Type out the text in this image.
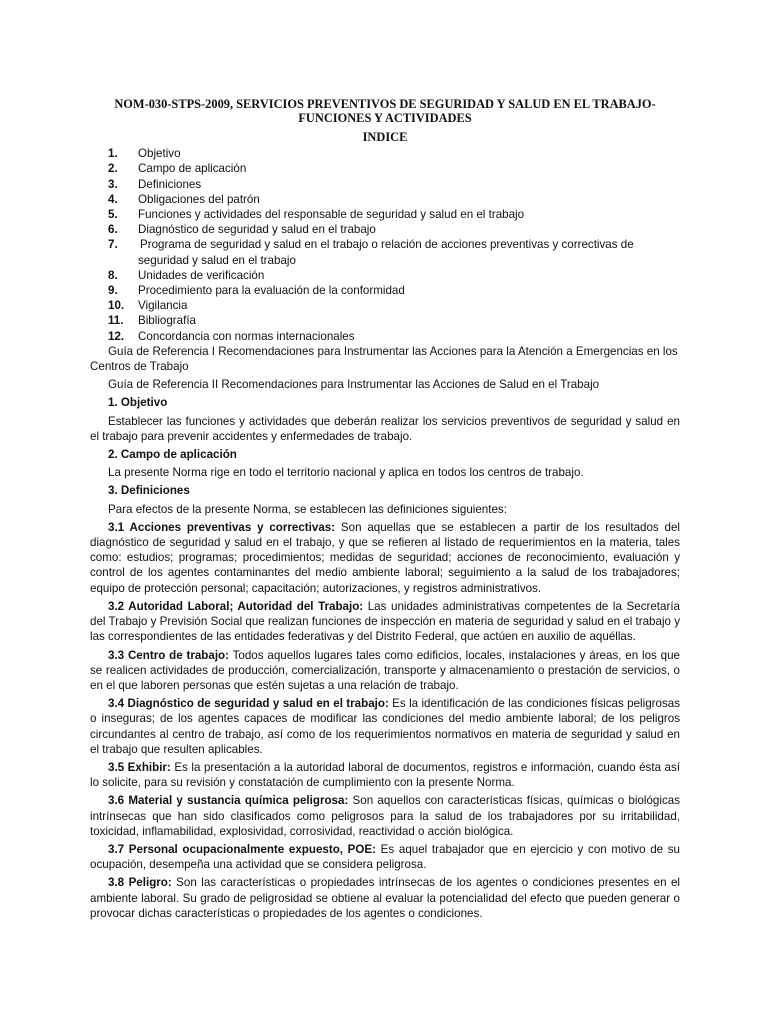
NOM-030-STPS-2009, SERVICIOS PREVENTIVOS DE SEGURIDAD Y SALUD EN EL TRABAJO-FUNCIONES Y ACTIVIDADES
INDICE
1.	Objetivo
2.	Campo de aplicación
3.	Definiciones
4.	Obligaciones del patrón
5.	Funciones y actividades del responsable de seguridad y salud en el trabajo
6.	Diagnóstico de seguridad y salud en el trabajo
7.	Programa de seguridad y salud en el trabajo o relación de acciones preventivas y correctivas de seguridad y salud en el trabajo
8.	Unidades de verificación
9.	Procedimiento para la evaluación de la conformidad
10.	Vigilancia
11.	Bibliografía
12.	Concordancia con normas internacionales

Guía de Referencia I Recomendaciones para Instrumentar las Acciones para la Atención a Emergencias en los Centros de Trabajo

Guía de Referencia II Recomendaciones para Instrumentar las Acciones de Salud en el Trabajo

1. Objetivo

Establecer las funciones y actividades que deberán realizar los servicios preventivos de seguridad y salud en el trabajo para prevenir accidentes y enfermedades de trabajo.

2. Campo de aplicación

La presente Norma rige en todo el territorio nacional y aplica en todos los centros de trabajo.

3. Definiciones

Para efectos de la presente Norma, se establecen las definiciones siguientes:

3.1 Acciones preventivas y correctivas: Son aquellas que se establecen a partir de los resultados del diagnóstico de seguridad y salud en el trabajo, y que se refieren al listado de requerimientos en la materia, tales como: estudios; programas; procedimientos; medidas de seguridad; acciones de reconocimiento, evaluación y control de los agentes contaminantes del medio ambiente laboral; seguimiento a la salud de los trabajadores; equipo de protección personal; capacitación; autorizaciones, y registros administrativos.

3.2 Autoridad Laboral; Autoridad del Trabajo: Las unidades administrativas competentes de la Secretaría del Trabajo y Previsión Social que realizan funciones de inspección en materia de seguridad y salud en el trabajo y las correspondientes de las entidades federativas y del Distrito Federal, que actúen en auxilio de aquéllas.

3.3 Centro de trabajo: Todos aquellos lugares tales como edificios, locales, instalaciones y áreas, en los que se realicen actividades de producción, comercialización, transporte y almacenamiento o prestación de servicios, o en el que laboren personas que estén sujetas a una relación de trabajo.

3.4 Diagnóstico de seguridad y salud en el trabajo: Es la identificación de las condiciones físicas peligrosas o inseguras; de los agentes capaces de modificar las condiciones del medio ambiente laboral; de los peligros circundantes al centro de trabajo, así como de los requerimientos normativos en materia de seguridad y salud en el trabajo que resulten aplicables.

3.5 Exhibir: Es la presentación a la autoridad laboral de documentos, registros e información, cuando ésta así lo solicite, para su revisión y constatación de cumplimiento con la presente Norma.

3.6 Material y sustancia química peligrosa: Son aquellos con características físicas, químicas o biológicas intrínsecas que han sido clasificados como peligrosos para la salud de los trabajadores por su irritabilidad, toxicidad, inflamabilidad, explosividad, corrosividad, reactividad o acción biológica.

3.7 Personal ocupacionalmente expuesto, POE: Es aquel trabajador que en ejercicio y con motivo de su ocupación, desempeña una actividad que se considera peligrosa.

3.8 Peligro: Son las características o propiedades intrínsecas de los agentes o condiciones presentes en el ambiente laboral. Su grado de peligrosidad se obtiene al evaluar la potencialidad del efecto que pueden generar o provocar dichas características o propiedades de los agentes o condiciones.
